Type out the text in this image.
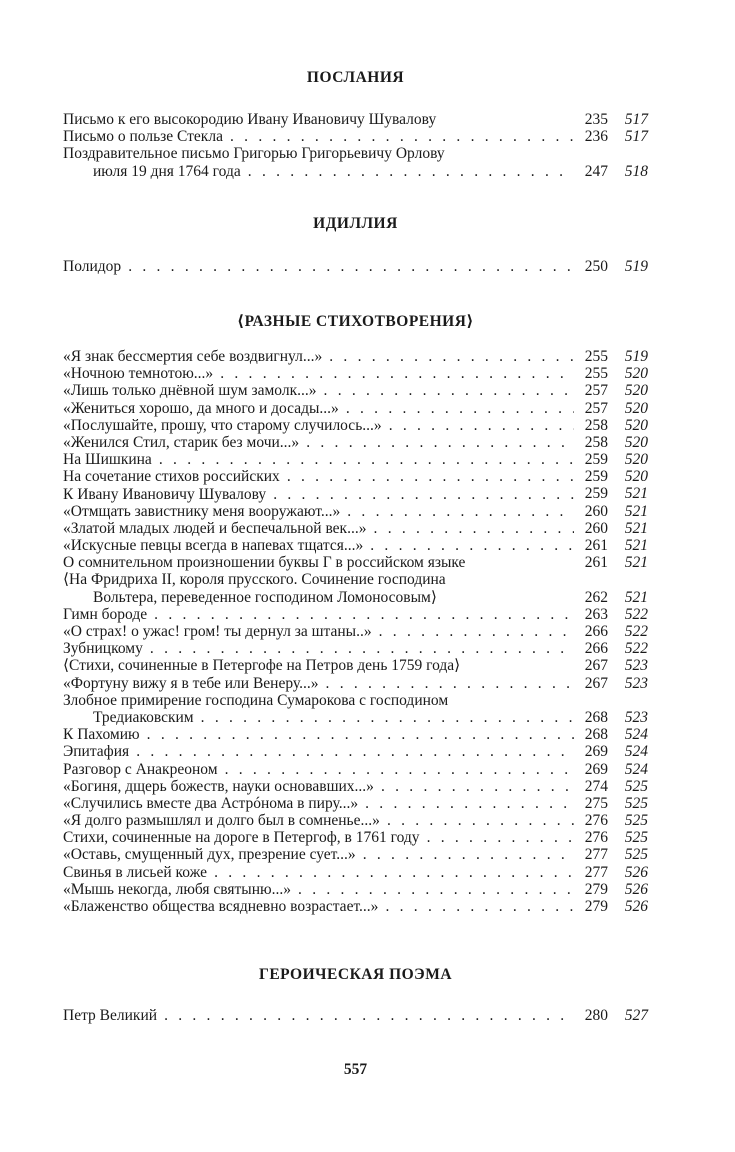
ПОСЛАНИЯ
Письмо к его высокородию Ивану Ивановичу Шувалову	235	517
Письмо о пользе Стекла . . .	236	517
Поздравительное письмо Григорью Григорьевичу Орлову
июля 19 дня 1764 года . . .	247	518
ИДИЛЛИЯ
Полидор . . .	250	519
⟨РАЗНЫЕ СТИХОТВОРЕНИЯ⟩
«Я знак бессмертия себе воздвигнул...» . . .	255	519
«Ночною темнотою...» . . .	255	520
«Лишь только днёвной шум замолк...» . . .	257	520
«Жениться хорошо, да много и досады...» . . .	257	520
«Послушайте, прошу, что старому случилось...» . . .	258	520
«Женился Стил, старик без мочи...» . . .	258	520
На Шишкина . . .	259	520
На сочетание стихов российских . . .	259	520
К Ивану Ивановичу Шувалову . . .	259	521
«Отмщать завистнику меня вооружают...» . . .	260	521
«Златой младых людей и беспечальной век...» . . .	260	521
«Искусные певцы всегда в напевах тщатся...» . . .	261	521
О сомнительном произношении буквы Г в российском языке	261	521
⟨На Фридриха II, короля прусского. Сочинение господина
Вольтера, переведенное господином Ломоносовым⟩	262	521
Гимн бороде . . .	263	522
«О страх! о ужас! гром! ты дернул за штаны..» . . .	266	522
Зубницкому . . .	266	522
⟨Стихи, сочиненные в Петергофе на Петров день 1759 года⟩	267	523
«Фортуну вижу я в тебе или Венеру...» . . .	267	523
Злобное примирение господина Сумарокова с господином
Тредиаковским . . .	268	523
К Пахомию . . .	268	524
Эпитафия . . .	269	524
Разговор с Анакреоном . . .	269	524
«Богиня, дщерь божеств, науки основавших...» . . .	274	525
«Случились вместе два Астрóнома в пиру...» . . .	275	525
«Я долго размышлял и долго был в сомненье...» . . .	276	525
Стихи, сочиненные на дороге в Петергоф, в 1761 году . . .	276	525
«Оставь, смущенный дух, презрение сует...» . . .	277	525
Свинья в лисьей коже . . .	277	526
«Мышь некогда, любя святыню...» . . .	279	526
«Блаженство общества всядневно возрастает...» . . .	279	526
ГЕРОИЧЕСКАЯ ПОЭМА
Петр Великий . . .	280	527
557
